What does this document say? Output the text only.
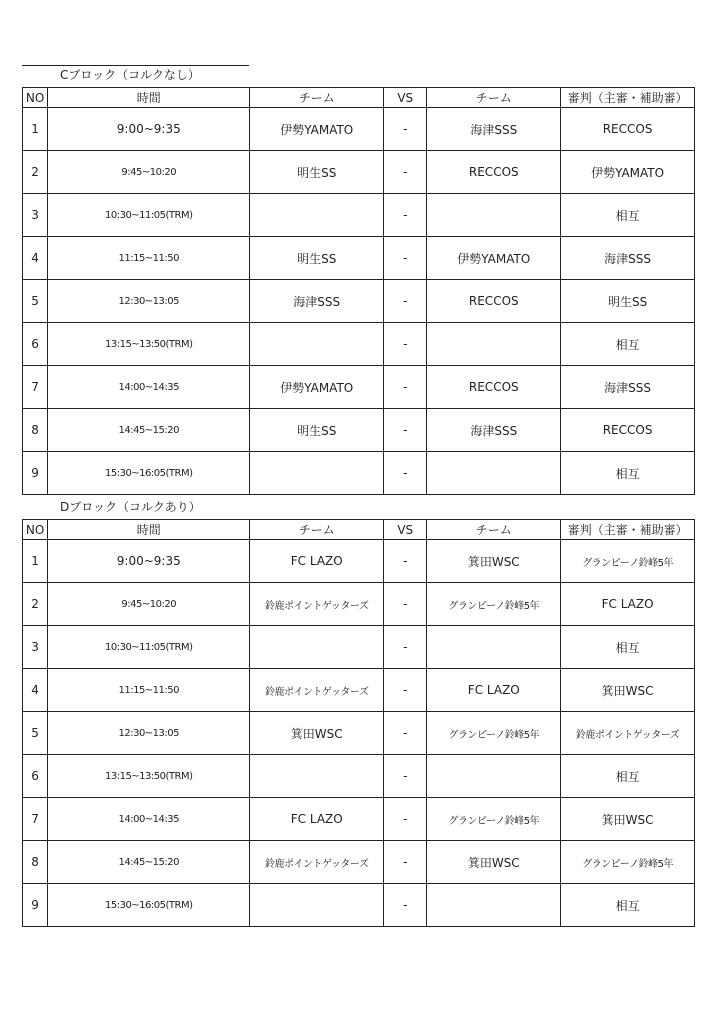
Cブロック（コルクなし）
NO	時間	チーム	VS	チーム	審判（主審・補助審）
1	9:00~9:35	伊勢YAMATO	-	海津SSS	RECCOS
2	9:45~10:20	明生SS	-	RECCOS	伊勢YAMATO
3	10:30~11:05(TRM)		-		相互
4	11:15~11:50	明生SS	-	伊勢YAMATO	海津SSS
5	12:30~13:05	海津SSS	-	RECCOS	明生SS
6	13:15~13:50(TRM)		-		相互
7	14:00~14:35	伊勢YAMATO	-	RECCOS	海津SSS
8	14:45~15:20	明生SS	-	海津SSS	RECCOS
9	15:30~16:05(TRM)		-		相互
Dブロック（コルクあり）
NO	時間	チーム	VS	チーム	審判（主審・補助審）
1	9:00~9:35	FC LAZO	-	箕田WSC	グランピーノ鈴峰5年
2	9:45~10:20	鈴鹿ポイントゲッターズ	-	グランピーノ鈴峰5年	FC LAZO
3	10:30~11:05(TRM)		-		相互
4	11:15~11:50	鈴鹿ポイントゲッターズ	-	FC LAZO	箕田WSC
5	12:30~13:05	箕田WSC	-	グランピーノ鈴峰5年	鈴鹿ポイントゲッターズ
6	13:15~13:50(TRM)		-		相互
7	14:00~14:35	FC LAZO	-	グランピーノ鈴峰5年	箕田WSC
8	14:45~15:20	鈴鹿ポイントゲッターズ	-	箕田WSC	グランピーノ鈴峰5年
9	15:30~16:05(TRM)		-		相互
